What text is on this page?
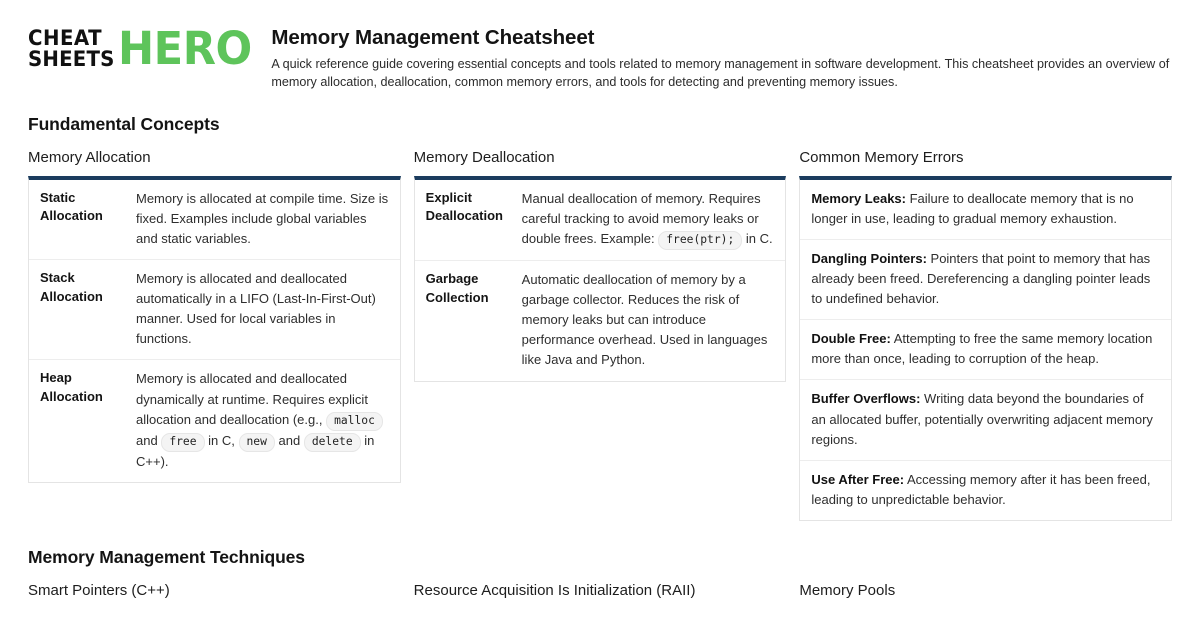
CHEAT
SHEETS HERO Memory Management Cheatsheet

A quick reference guide covering essential concepts and tools related to memory management in software development. This cheatsheet provides an overview of memory allocation, deallocation, common memory errors, and tools for detecting and preventing memory issues.

Fundamental Concepts
Memory Allocation
Static Allocation
Memory is allocated at compile time. Size is fixed. Examples include global variables and static variables.
Stack Allocation
Memory is allocated and deallocated automatically in a LIFO (Last-In-First-Out) manner. Used for local variables in functions.
Heap Allocation
Memory is allocated and deallocated dynamically at runtime. Requires explicit allocation and deallocation (e.g., malloc and free in C, new and delete in C++).
Memory Deallocation
Explicit Deallocation
Manual deallocation of memory. Requires careful tracking to avoid memory leaks or double frees. Example: free(ptr); in C.
Garbage Collection
Automatic deallocation of memory by a garbage collector. Reduces the risk of memory leaks but can introduce performance overhead. Used in languages like Java and Python.
Common Memory Errors
Memory Leaks: Failure to deallocate memory that is no longer in use, leading to gradual memory exhaustion.
Dangling Pointers: Pointers that point to memory that has already been freed. Dereferencing a dangling pointer leads to undefined behavior.
Double Free: Attempting to free the same memory location more than once, leading to corruption of the heap.
Buffer Overflows: Writing data beyond the boundaries of an allocated buffer, potentially overwriting adjacent memory regions.
Use After Free: Accessing memory after it has been freed, leading to unpredictable behavior.
Memory Management Techniques
Smart Pointers (C++)	Resource Acquisition Is Initialization (RAII)	Memory Pools
